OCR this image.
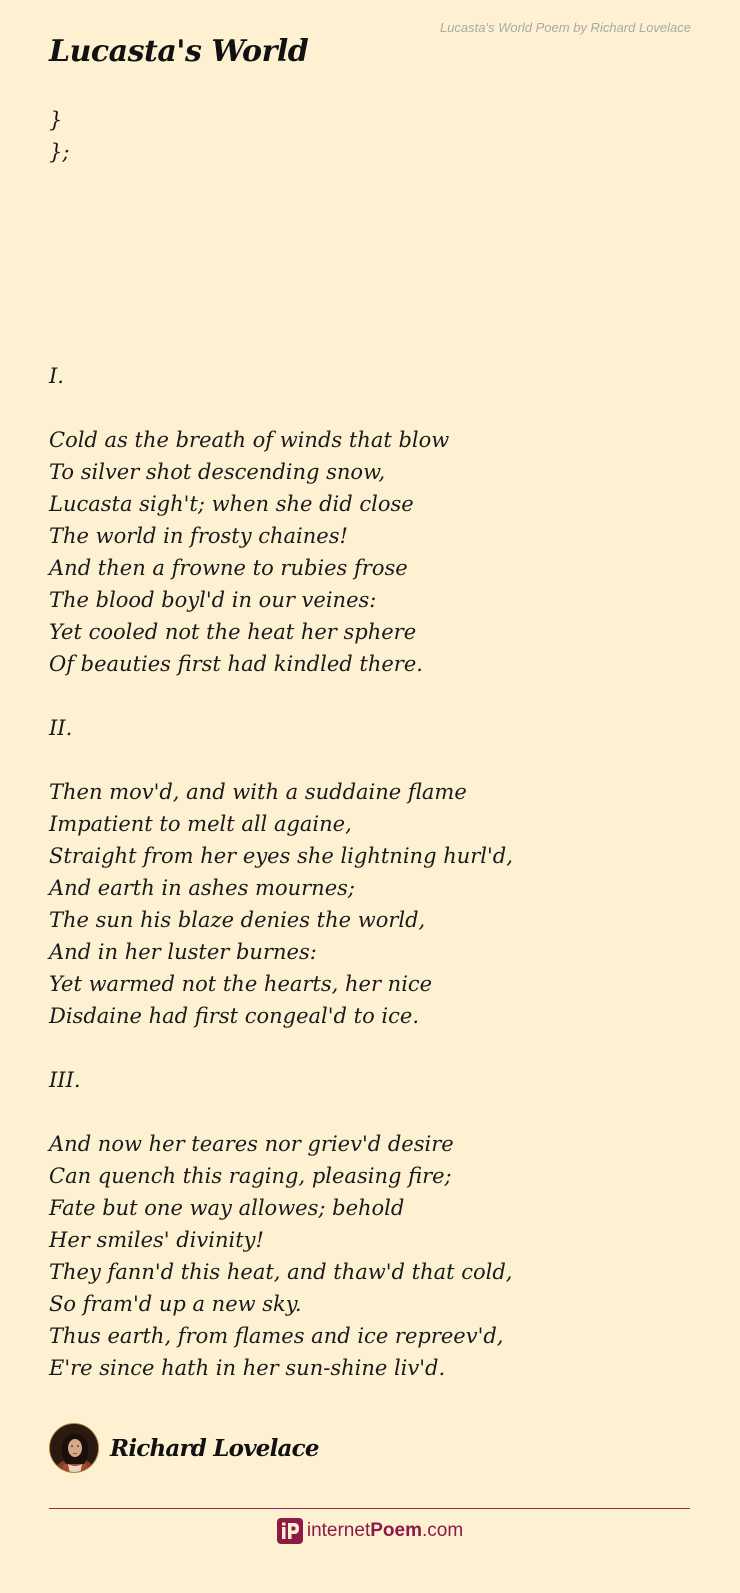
Lucasta's World Poem by Richard Lovelace
Lucasta's World
}
};
I.
Cold as the breath of winds that blow
To silver shot descending snow,
Lucasta sigh't; when she did close
The world in frosty chaines!
And then a frowne to rubies frose
The blood boyl'd in our veines:
Yet cooled not the heat her sphere
Of beauties first had kindled there.
II.
Then mov'd, and with a suddaine flame
Impatient to melt all againe,
Straight from her eyes she lightning hurl'd,
And earth in ashes mournes;
The sun his blaze denies the world,
And in her luster burnes:
Yet warmed not the hearts, her nice
Disdaine had first congeal'd to ice.
III.
And now her teares nor griev'd desire
Can quench this raging, pleasing fire;
Fate but one way allowes; behold
Her smiles' divinity!
They fann'd this heat, and thaw'd that cold,
So fram'd up a new sky.
Thus earth, from flames and ice repreev'd,
E're since hath in her sun-shine liv'd.
Richard Lovelace
internetPoem.com
